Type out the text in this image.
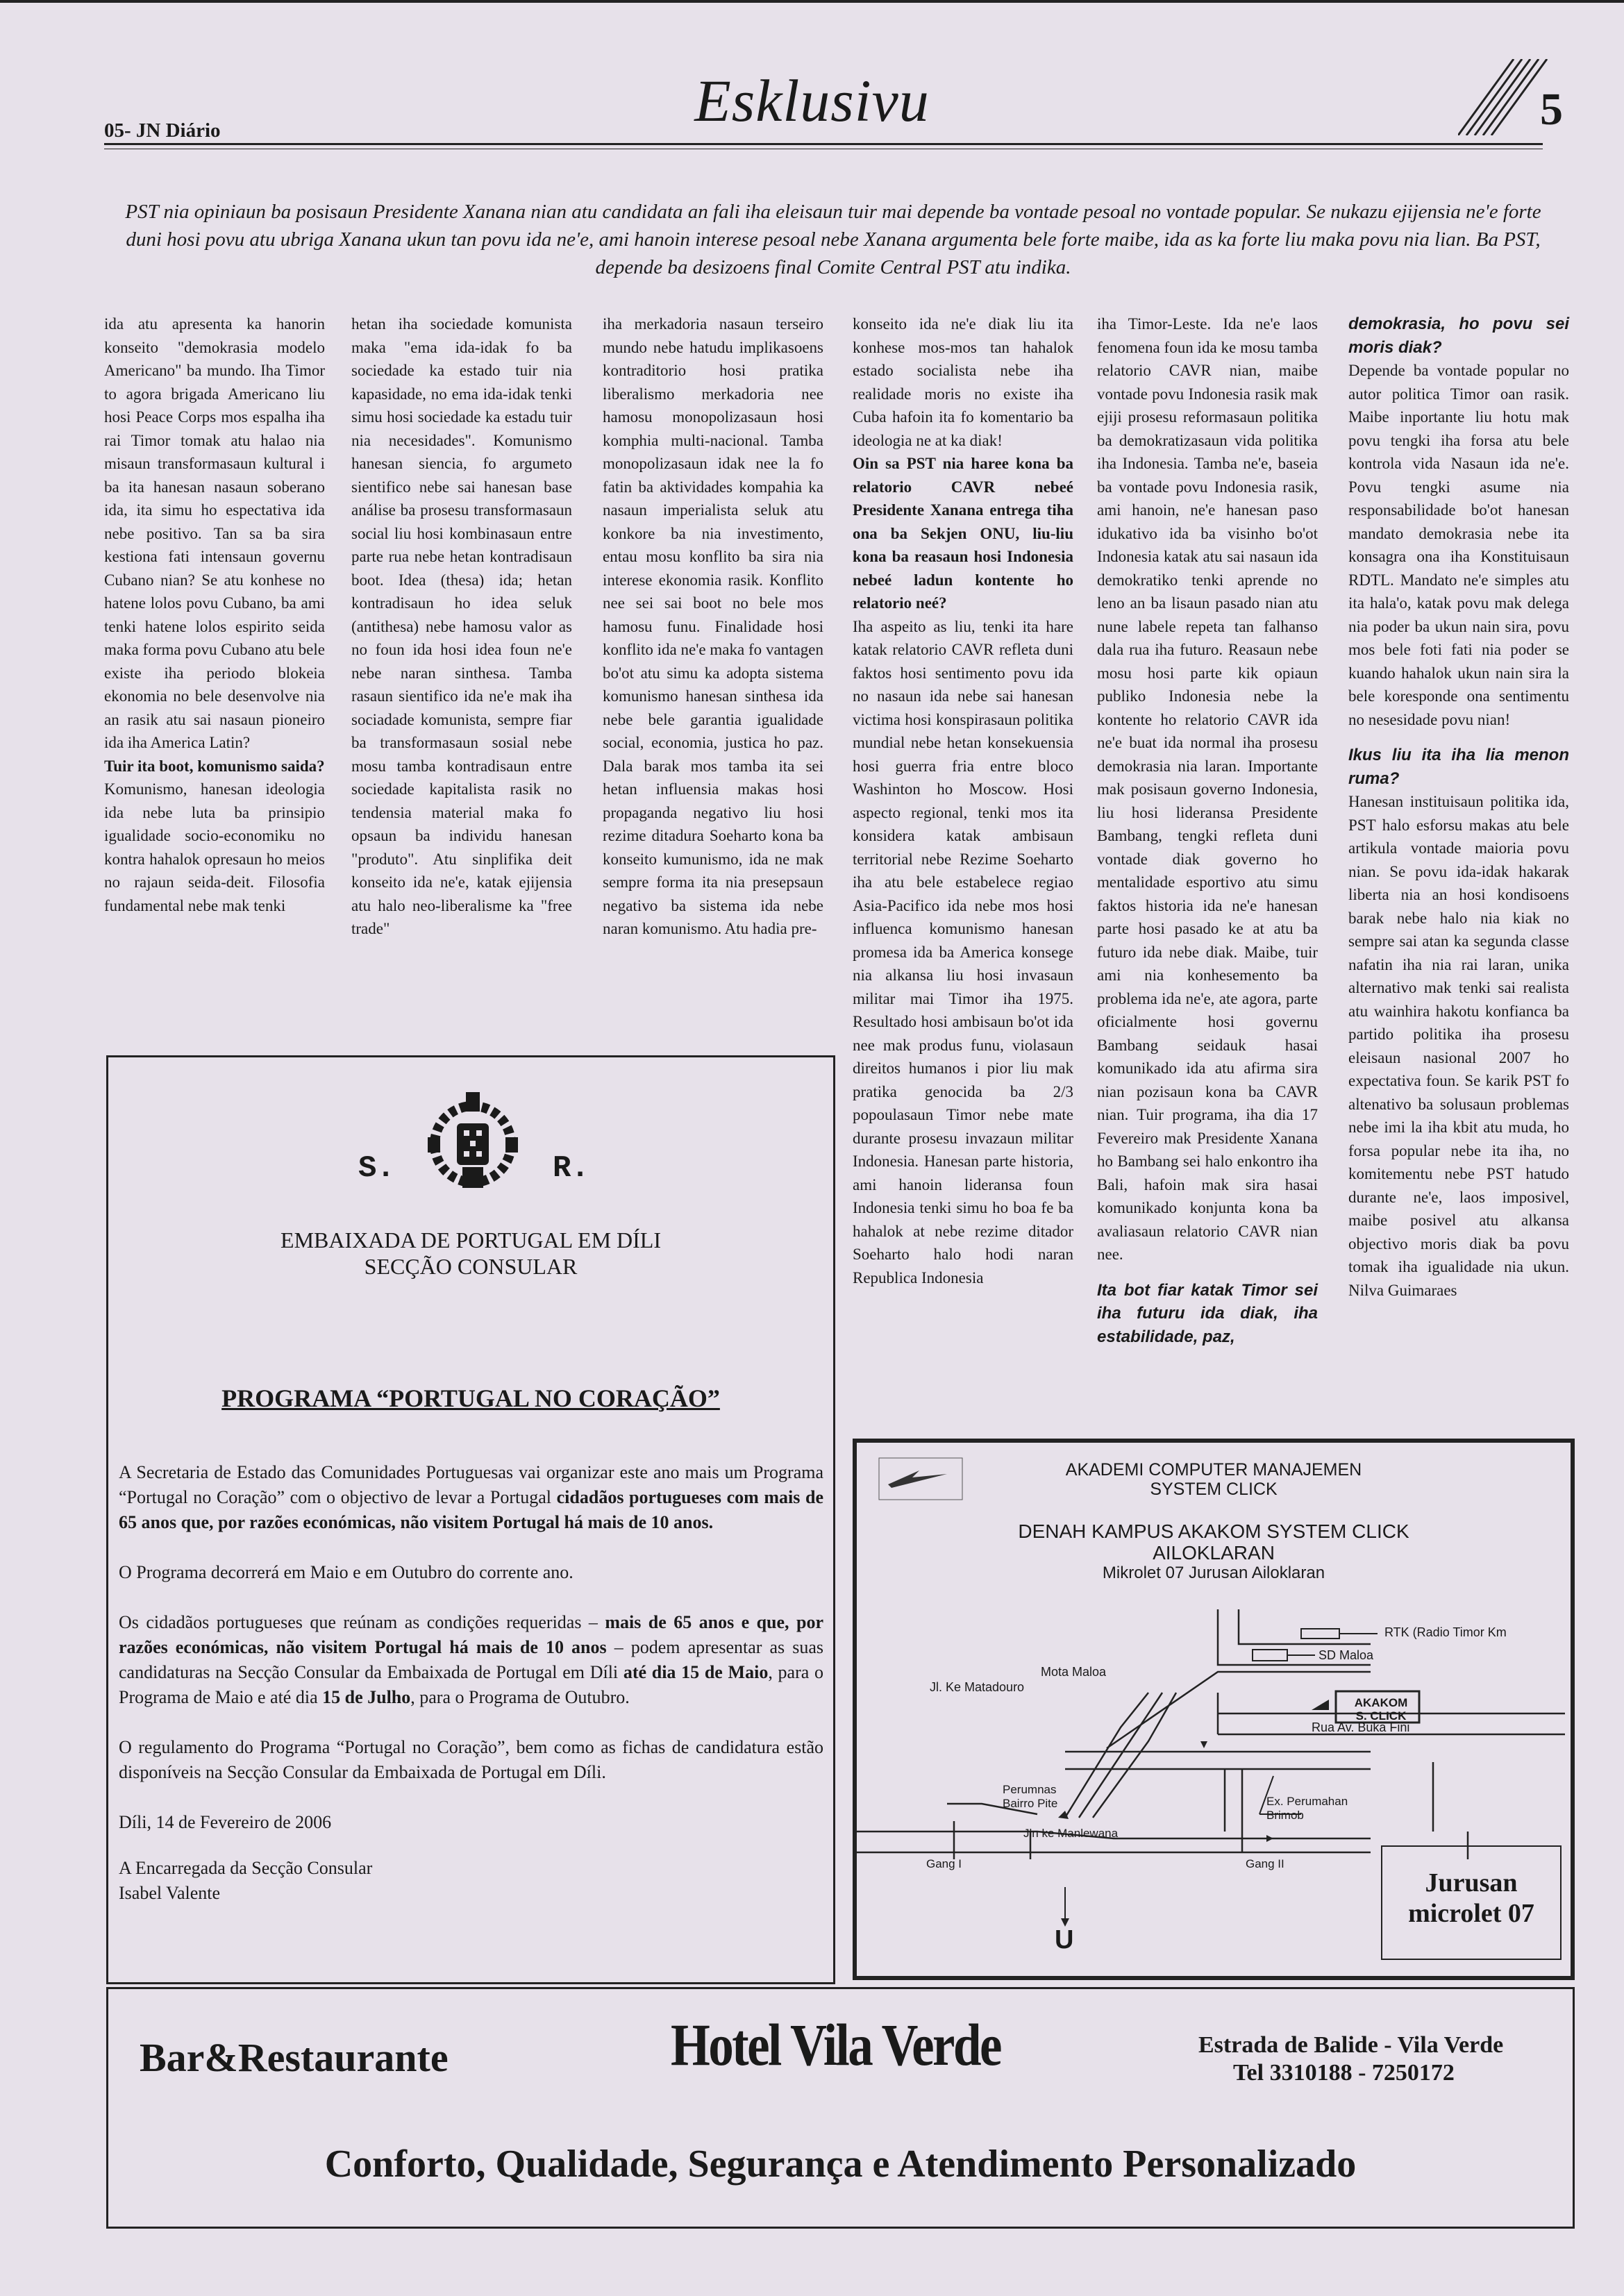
05- JN Diário	Esklusivu	5
PST nia opiniaun ba posisaun Presidente Xanana nian atu candidata an fali iha eleisaun tuir mai depende ba vontade pesoal no vontade popular. Se nukazu ejijensia ne'e forte duni hosi povu atu ubriga Xanana ukun tan povu ida ne'e, ami hanoin interese pesoal nebe Xanana argumenta bele forte maibe, ida as ka forte liu maka povu nia lian. Ba PST, depende ba desizoens final Comite Central PST atu indika.

ida atu apresenta ka hanorin konseito "demokrasia modelo Americano" ba mundo. Iha Timor to agora brigada Americano liu hosi Peace Corps mos espalha iha rai Timor tomak atu halao nia misaun transformasaun kultural i ba ita hanesan nasaun soberano ida, ita simu ho espectativa ida nebe positivo. Tan sa ba sira kestiona fati intensaun governu Cubano nian? Se atu konhese no hatene lolos povu Cubano, ba ami tenki hatene lolos espirito seida maka forma povu Cubano atu bele existe iha periodo blokeia ekonomia no bele desenvolve nia an rasik atu sai nasaun pioneiro ida iha America Latin?

Tuir ita boot, komunismo saida?

Komunismo, hanesan ideologia ida nebe luta ba prinsipio igualidade socio-economiku no kontra hahalok opresaun ho meios no rajaun seida-deit. Filosofia fundamental nebe mak tenki

hetan iha sociedade komunista maka "ema ida-idak fo ba sociedade ka estado tuir nia kapasidade, no ema ida-idak tenki simu hosi sociedade ka estadu tuir nia necesidades". Komunismo hanesan siencia, fo argumeto sientifico nebe sai hanesan base análise ba prosesu transformasaun social liu hosi kombinasaun entre parte rua nebe hetan kontradisaun boot. Idea (thesa) ida; hetan kontradisaun ho idea seluk (antithesa) nebe hamosu valor as no foun ida hosi idea foun ne'e nebe naran sinthesa. Tamba rasaun sientifico ida ne'e mak iha sociadade komunista, sempre fiar ba transformasaun sosial nebe mosu tamba kontradisaun entre sociedade kapitalista rasik no tendensia material maka fo opsaun ba individu hanesan "produto". Atu sinplifika deit konseito ida ne'e, katak ejijensia atu halo neo-liberalisme ka "free trade"

iha merkadoria nasaun terseiro mundo nebe hatudu implikasoens kontraditorio hosi pratika liberalismo merkadoria nee hamosu monopolizasaun hosi komphia multi-nacional. Tamba monopolizasaun idak nee la fo fatin ba aktividades kompahia ka nasaun imperialista seluk atu konkore ba nia investimento, entau mosu konflito ba sira nia interese ekonomia rasik. Konflito nee sei sai boot no bele mos hamosu funu. Finalidade hosi konflito ida ne'e maka fo vantagen bo'ot atu simu ka adopta sistema komunismo hanesan sinthesa ida nebe bele garantia igualidade social, economia, justica ho paz. Dala barak mos tamba ita sei hetan influensia makas hosi propaganda negativo liu hosi rezime ditadura Soeharto kona ba konseito kumunismo, ida ne mak sempre forma ita nia presepsaun negativo ba sistema ida nebe naran komunismo. Atu hadia pre-

konseito ida ne'e diak liu ita konhese mos-mos tan hahalok estado socialista nebe iha realidade moris no existe iha Cuba hafoin ita fo komentario ba ideologia ne at ka diak!

Oin sa PST nia haree kona ba relatorio CAVR nebeé Presidente Xanana entrega tiha ona ba Sekjen ONU, liu-liu kona ba reasaun hosi Indonesia nebeé ladun kontente ho relatorio neé?

Iha aspeito as liu, tenki ita hare katak relatorio CAVR refleta duni faktos hosi sentimento povu ida no nasaun ida nebe sai hanesan victima hosi konspirasaun politika mundial nebe hetan konsekuensia hosi guerra fria entre bloco Washinton ho Moscow. Hosi aspecto regional, tenki mos ita konsidera katak ambisaun territorial nebe Rezime Soeharto iha atu bele estabelece regiao Asia-Pacifico ida nebe mos hosi influenca komunismo hanesan promesa ida ba America konsege nia alkansa liu hosi invasaun militar mai Timor iha 1975. Resultado hosi ambisaun bo'ot ida nee mak produs funu, violasaun direitos humanos i pior liu mak pratika genocida ba 2/3 popoulasaun Timor nebe mate durante prosesu invazaun militar Indonesia. Hanesan parte historia, ami hanoin lideransa foun Indonesia tenki simu ho boa fe ba hahalok at nebe rezime ditador Soeharto halo hodi naran Republica Indonesia

iha Timor-Leste. Ida ne'e laos fenomena foun ida ke mosu tamba relatorio CAVR nian, maibe vontade povu Indonesia rasik mak ejiji prosesu reformasaun politika ba demokratizasaun vida politika iha Indonesia. Tamba ne'e, baseia ba vontade povu Indonesia rasik, ami hanoin, ne'e hanesan paso idukativo ida ba visinho bo'ot Indonesia katak atu sai nasaun ida demokratiko tenki aprende no leno an ba lisaun pasado nian atu nune labele repeta tan falhanso dala rua iha futuro. Reasaun nebe mosu hosi parte kik opiaun publiko Indonesia nebe la kontente ho relatorio CAVR ida ne'e buat ida normal iha prosesu demokrasia nia laran. Importante mak posisaun governo Indonesia, liu hosi lideransa Presidente Bambang, tengki refleta duni vontade diak governo ho mentalidade esportivo atu simu faktos historia ida ne'e hanesan parte hosi pasado ke at atu ba futuro ida nebe diak. Maibe, tuir ami nia konhesemento ba problema ida ne'e, ate agora, parte oficialmente hosi governu Bambang seidauk hasai komunikado ida atu afirma sira nian pozisaun kona ba CAVR nian. Tuir programa, iha dia 17 Fevereiro mak Presidente Xanana ho Bambang sei halo enkontro iha Bali, hafoin mak sira hasai komunikado konjunta kona ba avaliasaun relatorio CAVR nian nee.

Ita bot fiar katak Timor sei iha futuru ida diak, iha estabilidade, paz,

demokrasia, ho povu sei moris diak?

Depende ba vontade popular no autor politica Timor oan rasik. Maibe inportante liu hotu mak povu tengki iha forsa atu bele kontrola vida Nasaun ida ne'e. Povu tengki asume nia responsabilidade bo'ot hanesan mandato demokrasia nebe ita konsagra ona iha Konstituisaun RDTL. Mandato ne'e simples atu ita hala'o, katak povu mak delega nia poder ba ukun nain sira, povu mos bele foti fati nia poder se kuando hahalok ukun nain sira la bele koresponde ona sentimentu no nesesidade povu nian!

Ikus liu ita iha lia menon ruma?

Hanesan instituisaun politika ida, PST halo esforsu makas atu bele artikula vontade maioria povu nian. Se povu ida-idak hakarak liberta nia an hosi kondisoens barak nebe halo nia kiak no sempre sai atan ka segunda classe nafatin iha nia rai laran, unika alternativo mak tenki sai realista atu wainhira hakotu konfianca ba partido politika iha prosesu eleisaun nasional 2007 ho expectativa foun. Se karik PST fo altenativo ba solusaun problemas nebe imi la iha kbit atu muda, ho forsa popular nebe ita iha, no komitementu nebe PST hatudo durante ne'e, laos imposivel, maibe posivel atu alkansa objectivo moris diak ba povu tomak iha igualidade nia ukun. Nilva Guimaraes

S.	R.
EMBAIXADA DE PORTUGAL EM DÍLI
SECÇÃO CONSULAR
PROGRAMA “PORTUGAL NO CORAÇÃO”

A Secretaria de Estado das Comunidades Portuguesas vai organizar este ano mais um Programa “Portugal no Coração” com o objectivo de levar a Portugal cidadãos portugueses com mais de 65 anos que, por razões económicas, não visitem Portugal há mais de 10 anos.

O Programa decorrerá em Maio e em Outubro do corrente ano.

Os cidadãos portugueses que reúnam as condições requeridas – mais de 65 anos e que, por razões económicas, não visitem Portugal há mais de 10 anos – podem apresentar as suas candidaturas na Secção Consular da Embaixada de Portugal em Díli até dia 15 de Maio, para o Programa de Maio e até dia 15 de Julho, para o Programa de Outubro.

O regulamento do Programa “Portugal no Coração”, bem como as fichas de candidatura estão disponíveis na Secção Consular da Embaixada de Portugal em Díli.

Díli, 14 de Fevereiro de 2006

A Encarregada da Secção Consular
Isabel Valente
AKADEMI COMPUTER MANAJEMEN
SYSTEM CLICK
DENAH KAMPUS AKAKOM SYSTEM CLICK
AILOKLARAN
Mikrolet 07 Jurusan Ailoklaran
RTK (Radio Timor Km
SD Maloa
Mota Maloa
Jl. Ke Matadouro
AKAKOM
S. CLICK
Rua Av. Buka Fini
Perumnas
Bairro Pite	Ex. Perumahan
Brimob
Jln ke Manlewana
Gang I	Gang II
U
Jurusan
microlet 07
Bar&Restaurante	Hotel Vila Verde	Estrada de Balide - Vila Verde
Tel 3310188 - 7250172
Conforto, Qualidade, Segurança e Atendimento Personalizado
